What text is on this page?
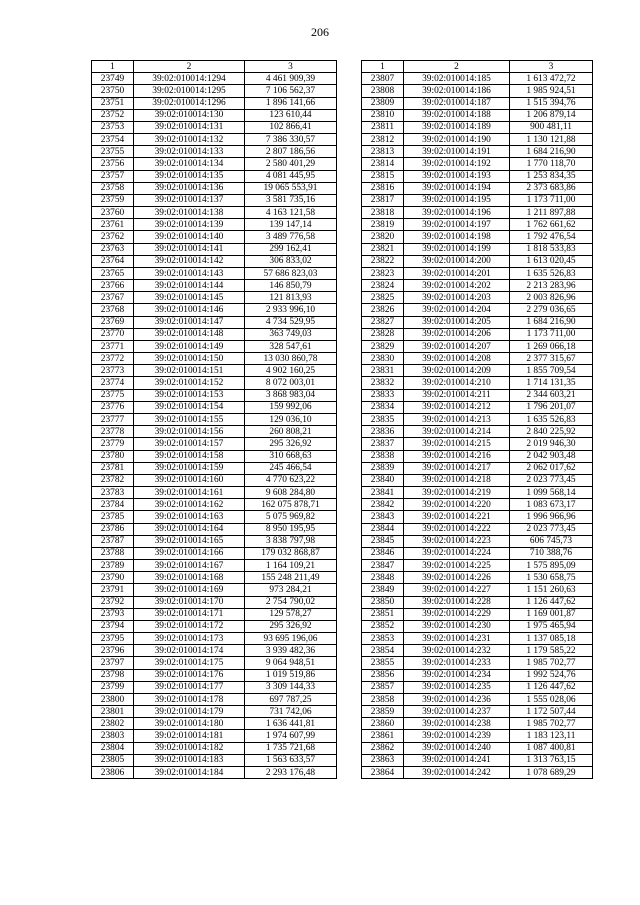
206
1	2	3
23749	39:02:010014:1294	4 461 909,39
23750	39:02:010014:1295	7 106 562,37
23751	39:02:010014:1296	1 896 141,66
23752	39:02:010014:130	123 610,44
23753	39:02:010014:131	102 866,41
23754	39:02:010014:132	7 386 330,57
23755	39:02:010014:133	2 807 186,56
23756	39:02:010014:134	2 580 401,29
23757	39:02:010014:135	4 081 445,95
23758	39:02:010014:136	19 065 553,91
23759	39:02:010014:137	3 581 735,16
23760	39:02:010014:138	4 163 121,58
23761	39:02:010014:139	139 147,14
23762	39:02:010014:140	3 489 776,58
23763	39:02:010014:141	299 162,41
23764	39:02:010014:142	306 833,02
23765	39:02:010014:143	57 686 823,03
23766	39:02:010014:144	146 850,79
23767	39:02:010014:145	121 813,93
23768	39:02:010014:146	2 933 996,10
23769	39:02:010014:147	4 734 529,95
23770	39:02:010014:148	363 749,03
23771	39:02:010014:149	328 547,61
23772	39:02:010014:150	13 030 860,78
23773	39:02:010014:151	4 902 160,25
23774	39:02:010014:152	8 072 003,01
23775	39:02:010014:153	3 868 983,04
23776	39:02:010014:154	159 992,06
23777	39:02:010014:155	129 036,10
23778	39:02:010014:156	260 808,21
23779	39:02:010014:157	295 326,92
23780	39:02:010014:158	310 668,63
23781	39:02:010014:159	245 466,54
23782	39:02:010014:160	4 770 623,22
23783	39:02:010014:161	9 608 284,80
23784	39:02:010014:162	162 075 878,71
23785	39:02:010014:163	5 075 969,82
23786	39:02:010014:164	8 950 195,95
23787	39:02:010014:165	3 838 797,98
23788	39:02:010014:166	179 032 868,87
23789	39:02:010014:167	1 164 109,21
23790	39:02:010014:168	155 248 211,49
23791	39:02:010014:169	973 284,21
23792	39:02:010014:170	2 754 790,02
23793	39:02:010014:171	129 578,27
23794	39:02:010014:172	295 326,92
23795	39:02:010014:173	93 695 196,06
23796	39:02:010014:174	3 939 482,36
23797	39:02:010014:175	9 064 948,51
23798	39:02:010014:176	1 019 519,86
23799	39:02:010014:177	3 309 144,33
23800	39:02:010014:178	697 787,25
23801	39:02:010014:179	731 742,06
23802	39:02:010014:180	1 636 441,81
23803	39:02:010014:181	1 974 607,99
23804	39:02:010014:182	1 735 721,68
23805	39:02:010014:183	1 563 633,57
23806	39:02:010014:184	2 293 176,48
1	2	3
23807	39:02:010014:185	1 613 472,72
23808	39:02:010014:186	1 985 924,51
23809	39:02:010014:187	1 515 394,76
23810	39:02:010014:188	1 206 879,14
23811	39:02:010014:189	900 481,11
23812	39:02:010014:190	1 130 121,88
23813	39:02:010014:191	1 684 216,90
23814	39:02:010014:192	1 770 118,70
23815	39:02:010014:193	1 253 834,35
23816	39:02:010014:194	2 373 683,86
23817	39:02:010014:195	1 173 711,00
23818	39:02:010014:196	1 211 897,88
23819	39:02:010014:197	1 762 661,62
23820	39:02:010014:198	1 792 476,54
23821	39:02:010014:199	1 818 533,83
23822	39:02:010014:200	1 613 020,45
23823	39:02:010014:201	1 635 526,83
23824	39:02:010014:202	2 213 283,96
23825	39:02:010014:203	2 003 826,96
23826	39:02:010014:204	2 279 036,65
23827	39:02:010014:205	1 684 216,90
23828	39:02:010014:206	1 173 711,00
23829	39:02:010014:207	1 269 066,18
23830	39:02:010014:208	2 377 315,67
23831	39:02:010014:209	1 855 709,54
23832	39:02:010014:210	1 714 131,35
23833	39:02:010014:211	2 344 603,21
23834	39:02:010014:212	1 796 201,07
23835	39:02:010014:213	1 635 526,83
23836	39:02:010014:214	2 840 225,92
23837	39:02:010014:215	2 019 946,30
23838	39:02:010014:216	2 042 903,48
23839	39:02:010014:217	2 062 017,62
23840	39:02:010014:218	2 023 773,45
23841	39:02:010014:219	1 099 568,14
23842	39:02:010014:220	1 083 673,17
23843	39:02:010014:221	1 996 966,96
23844	39:02:010014:222	2 023 773,45
23845	39:02:010014:223	606 745,73
23846	39:02:010014:224	710 388,76
23847	39:02:010014:225	1 575 895,09
23848	39:02:010014:226	1 530 658,75
23849	39:02:010014:227	1 151 260,63
23850	39:02:010014:228	1 126 447,62
23851	39:02:010014:229	1 169 001,87
23852	39:02:010014:230	1 975 465,94
23853	39:02:010014:231	1 137 085,18
23854	39:02:010014:232	1 179 585,22
23855	39:02:010014:233	1 985 702,77
23856	39:02:010014:234	1 992 524,76
23857	39:02:010014:235	1 126 447,62
23858	39:02:010014:236	1 555 028,06
23859	39:02:010014:237	1 172 507,44
23860	39:02:010014:238	1 985 702,77
23861	39:02:010014:239	1 183 123,11
23862	39:02:010014:240	1 087 400,81
23863	39:02:010014:241	1 313 763,15
23864	39:02:010014:242	1 078 689,29
